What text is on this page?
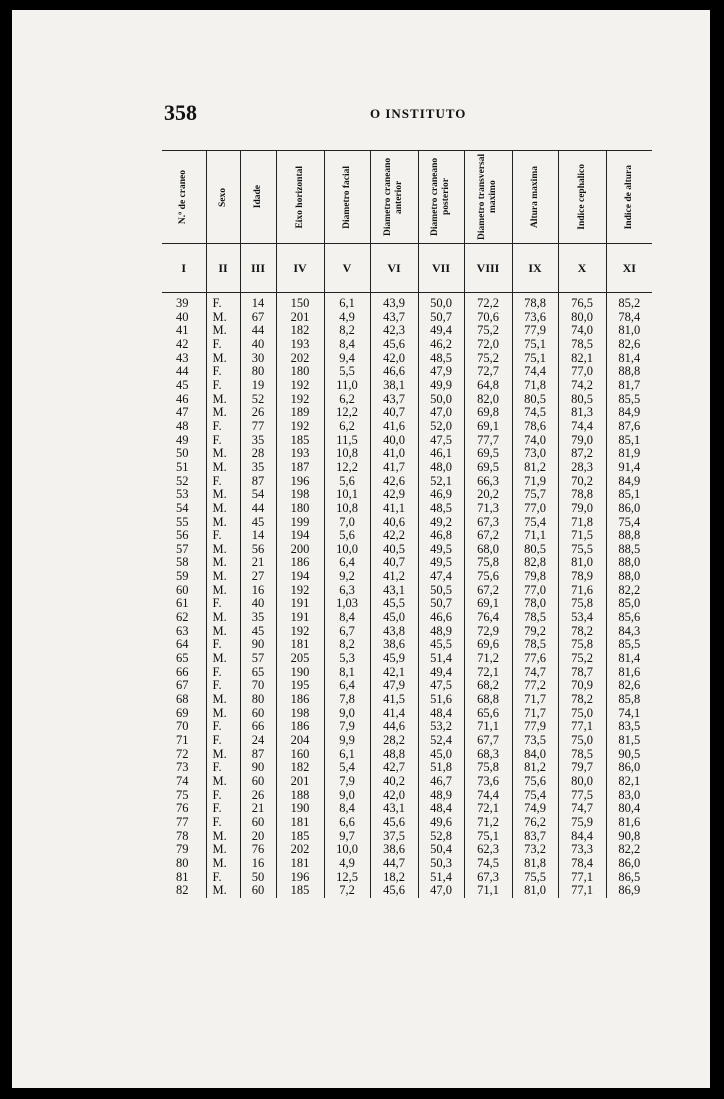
358	O INSTITUTO
N.º de craneo	Sexo	Idade	Eixo horizontal	Diametro facial	Diametro craneano anterior	Diametro craneano posterior	Diametro transversal maximo	Altura maxima	Indice cephalico	Indice de altura

I	II	III	IV	V	VI	VII	VIII	IX	X	XI
39	F.	14	150	6,1	43,9	50,0	72,2	78,8	76,5	85,2
40	M.	67	201	4,9	43,7	50,7	70,6	73,6	80,0	78,4
41	M.	44	182	8,2	42,3	49,4	75,2	77,9	74,0	81,0
42	F.	40	193	8,4	45,6	46,2	72,0	75,1	78,5	82,6
43	M.	30	202	9,4	42,0	48,5	75,2	75,1	82,1	81,4
44	F.	80	180	5,5	46,6	47,9	72,7	74,4	77,0	88,8
45	F.	19	192	11,0	38,1	49,9	64,8	71,8	74,2	81,7
46	M.	52	192	6,2	43,7	50,0	82,0	80,5	80,5	85,5
47	M.	26	189	12,2	40,7	47,0	69,8	74,5	81,3	84,9
48	F.	77	192	6,2	41,6	52,0	69,1	78,6	74,4	87,6
49	F.	35	185	11,5	40,0	47,5	77,7	74,0	79,0	85,1
50	M.	28	193	10,8	41,0	46,1	69,5	73,0	87,2	81,9
51	M.	35	187	12,2	41,7	48,0	69,5	81,2	28,3	91,4
52	F.	87	196	5,6	42,6	52,1	66,3	71,9	70,2	84,9
53	M.	54	198	10,1	42,9	46,9	20,2	75,7	78,8	85,1
54	M.	44	180	10,8	41,1	48,5	71,3	77,0	79,0	86,0
55	M.	45	199	7,0	40,6	49,2	67,3	75,4	71,8	75,4
56	F.	14	194	5,6	42,2	46,8	67,2	71,1	71,5	88,8
57	M.	56	200	10,0	40,5	49,5	68,0	80,5	75,5	88,5
58	M.	21	186	6,4	40,7	49,5	75,8	82,8	81,0	88,0
59	M.	27	194	9,2	41,2	47,4	75,6	79,8	78,9	88,0
60	M.	16	192	6,3	43,1	50,5	67,2	77,0	71,6	82,2
61	F.	40	191	1,03	45,5	50,7	69,1	78,0	75,8	85,0
62	M.	35	191	8,4	45,0	46,6	76,4	78,5	53,4	85,6
63	M.	45	192	6,7	43,8	48,9	72,9	79,2	78,2	84,3
64	F.	90	181	8,2	38,6	45,5	69,6	78,5	75,8	85,5
65	M.	57	205	5,3	45,9	51,4	71,2	77,6	75,2	81,4
66	F.	65	190	8,1	42,1	49,4	72,1	74,7	78,7	81,6
67	F.	70	195	6,4	47,9	47,5	68,2	77,2	70,9	82,6
68	M.	80	186	7,8	41,5	51,6	68,8	71,7	78,2	85,8
69	M.	60	198	9,0	41,4	48,4	65,6	71,7	75,0	74,1
70	F.	66	186	7,9	44,6	53,2	71,1	77,9	77,1	83,5
71	F.	24	204	9,9	28,2	52,4	67,7	73,5	75,0	81,5
72	M.	87	160	6,1	48,8	45,0	68,3	84,0	78,5	90,5
73	F.	90	182	5,4	42,7	51,8	75,8	81,2	79,7	86,0
74	M.	60	201	7,9	40,2	46,7	73,6	75,6	80,0	82,1
75	F.	26	188	9,0	42,0	48,9	74,4	75,4	77,5	83,0
76	F.	21	190	8,4	43,1	48,4	72,1	74,9	74,7	80,4
77	F.	60	181	6,6	45,6	49,6	71,2	76,2	75,9	81,6
78	M.	20	185	9,7	37,5	52,8	75,1	83,7	84,4	90,8
79	M.	76	202	10,0	38,6	50,4	62,3	73,2	73,3	82,2
80	M.	16	181	4,9	44,7	50,3	74,5	81,8	78,4	86,0
81	F.	50	196	12,5	18,2	51,4	67,3	75,5	77,1	86,5
82	M.	60	185	7,2	45,6	47,0	71,1	81,0	77,1	86,9
